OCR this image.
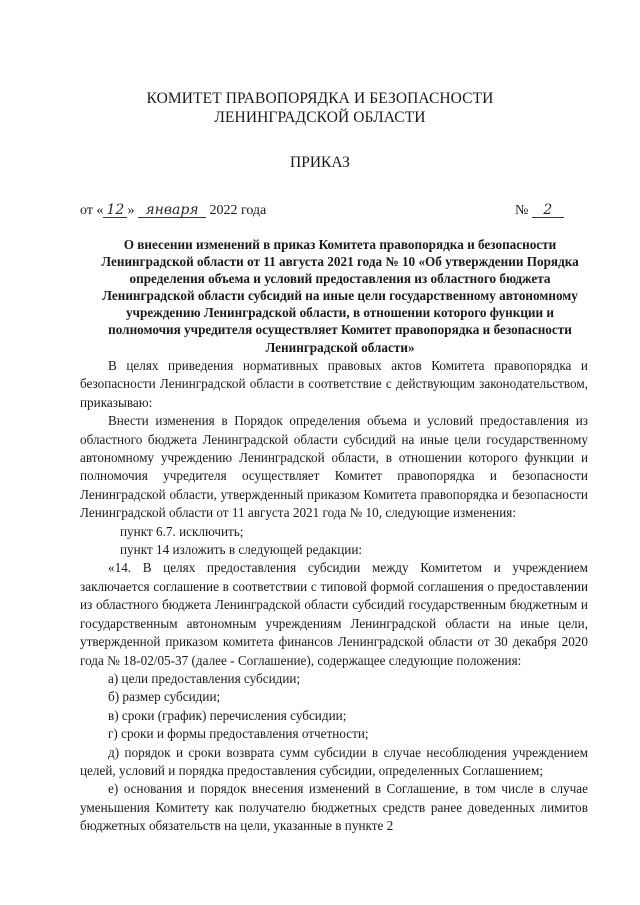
КОМИТЕТ ПРАВОПОРЯДКА И БЕЗОПАСНОСТИ
ЛЕНИНГРАДСКОЙ ОБЛАСТИ
ПРИКАЗ
от « 12 » января 2022 года	№ 2
О внесении изменений в приказ Комитета правопорядка и безопасности Ленинградской области от 11 августа 2021 года № 10 «Об утверждении Порядка определения объема и условий предоставления из областного бюджета Ленинградской области субсидий на иные цели государственному автономному учреждению Ленинградской области, в отношении которого функции и полномочия учредителя осуществляет Комитет правопорядка и безопасности Ленинградской области»

В целях приведения нормативных правовых актов Комитета правопорядка и безопасности Ленинградской области в соответствие с действующим законодательством, приказываю:

Внести изменения в Порядок определения объема и условий предоставления из областного бюджета Ленинградской области субсидий на иные цели государственному автономному учреждению Ленинградской области, в отношении которого функции и полномочия учредителя осуществляет Комитет правопорядка и безопасности Ленинградской области, утвержденный приказом Комитета правопорядка и безопасности Ленинградской области от 11 августа 2021 года № 10, следующие изменения:

пункт 6.7. исключить;

пункт 14 изложить в следующей редакции:

«14. В целях предоставления субсидии между Комитетом и учреждением заключается соглашение в соответствии с типовой формой соглашения о предоставлении из областного бюджета Ленинградской области субсидий государственным бюджетным и государственным автономным учреждениям Ленинградской области на иные цели, утвержденной приказом комитета финансов Ленинградской области от 30 декабря 2020 года № 18-02/05-37 (далее - Соглашение), содержащее следующие положения:

а) цели предоставления субсидии;

б) размер субсидии;

в) сроки (график) перечисления субсидии;

г) сроки и формы предоставления отчетности;

д) порядок и сроки возврата сумм субсидии в случае несоблюдения учреждением целей, условий и порядка предоставления субсидии, определенных Соглашением;

е) основания и порядок внесения изменений в Соглашение, в том числе в случае уменьшения Комитету как получателю бюджетных средств ранее доведенных лимитов бюджетных обязательств на цели, указанные в пункте 2
